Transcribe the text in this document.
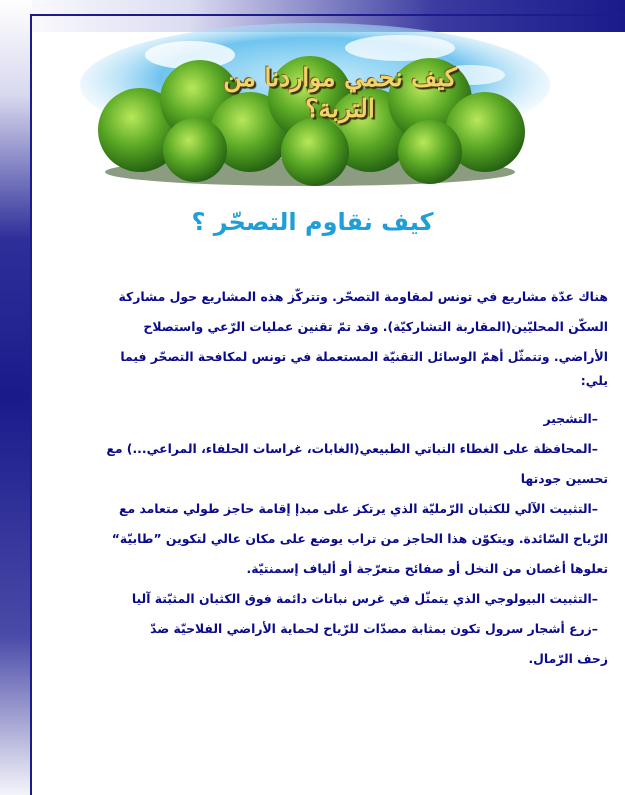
كيف نحمي مواردنا من
التربة؟
كيف نقاوم التصحّر ؟

هناك عدّة مشاريع في تونس لمقاومة التصحّر. وتتركّز هذه المشاريع حول مشاركة

السكّن المحليّين(المقاربة التشاركيّة). وقد تمّ تقنين عمليات الرّعي واستصلاح

الأراضي. وتتمثّل أهمّ الوسائل التقنيّة المستعملة في تونس لمكافحة التصحّر فيما

يلي:

–التشجير

–المحافظة على الغطاء النباتي الطبيعي(الغابات، غراسات الحلفاء، المراعي...) مع

تحسين جودتها

–التثبيت الآلي للكثبان الرّمليّة الذي يرتكز على مبدإ إقامة حاجز طولي متعامد مع

الرّياح السّائدة. ويتكوّن هذا الحاجز من تراب يوضع على مكان عالي لتكوين ”طابيّة“

تعلوها أغصان من النخل أو صفائح متعرّجة أو ألياف إسمنتيّة.

–التثبيت البيولوجي الذي يتمثّل في غرس نباتات دائمة فوق الكثبان المثبّتة آليا

–زرع أشجار سرول تكون بمثابة مصدّات للرّياح لحماية الأراضي الفلاحيّة ضدّ

زحف الرّمال.
